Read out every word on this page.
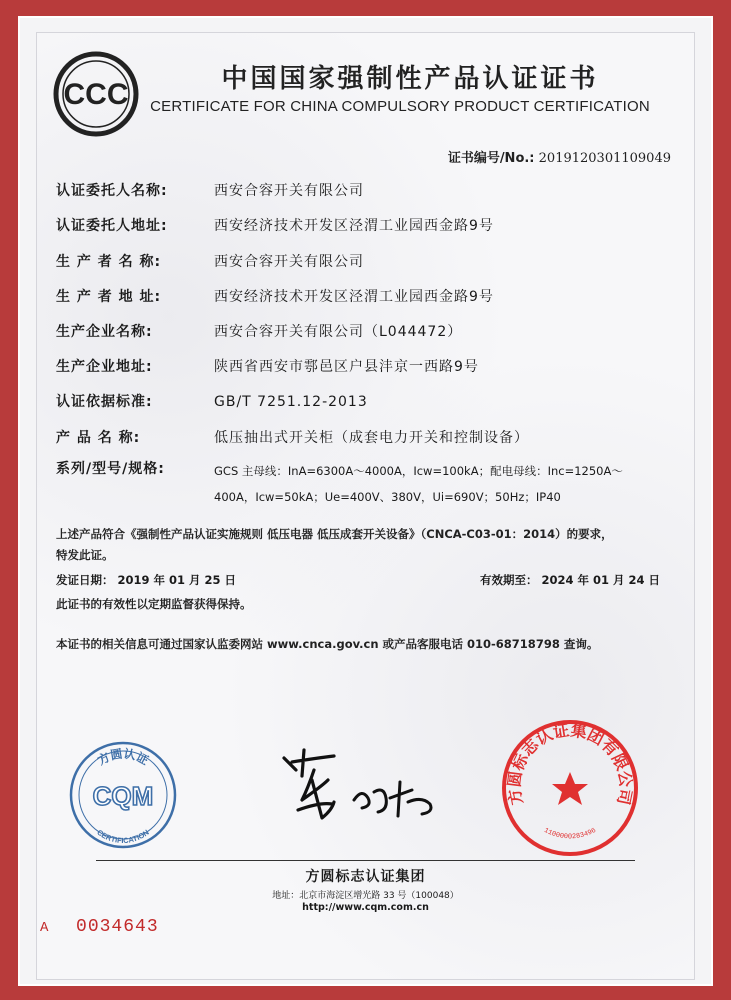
CCC	中国国家强制性产品认证证书
CERTIFICATE FOR CHINA COMPULSORY PRODUCT CERTIFICATION
证书编号/No.: 2019120301109049
认证委托人名称:	西安合容开关有限公司
认证委托人地址:	西安经济技术开发区泾渭工业园西金路9号
生 产 者 名 称:	西安合容开关有限公司
生 产 者 地 址:	西安经济技术开发区泾渭工业园西金路9号
生产企业名称:	西安合容开关有限公司（L044472）
生产企业地址:	陕西省西安市鄠邑区户县沣京一西路9号
认证依据标准:	GB/T 7251.12-2013
产 品 名 称:	低压抽出式开关柜（成套电力开关和控制设备）
系列/型号/规格:	GCS 主母线：InA=6300A～4000A，Icw=100kA；配电母线：Inc=1250A～
400A，Icw=50kA；Ue=400V、380V，Ui=690V；50Hz；IP40
上述产品符合《强制性产品认证实施规则 低压电器 低压成套开关设备》（CNCA-C03-01：2014）的要求，
特发此证。
发证日期： 2019 年 01 月 25 日	有效期至： 2024 年 01 月 24 日
此证书的有效性以定期监督获得保持。
本证书的相关信息可通过国家认监委网站 www.cnca.gov.cn 或产品客服电话 010-68718798 查询。
方圆认证
CQM
CERTIFICATION
方圆标志认证集团有限公司
1100000283496
方圆标志认证集团
地址：北京市海淀区增光路 33 号（100048）
http://www.cqm.com.cn
A 0034643
